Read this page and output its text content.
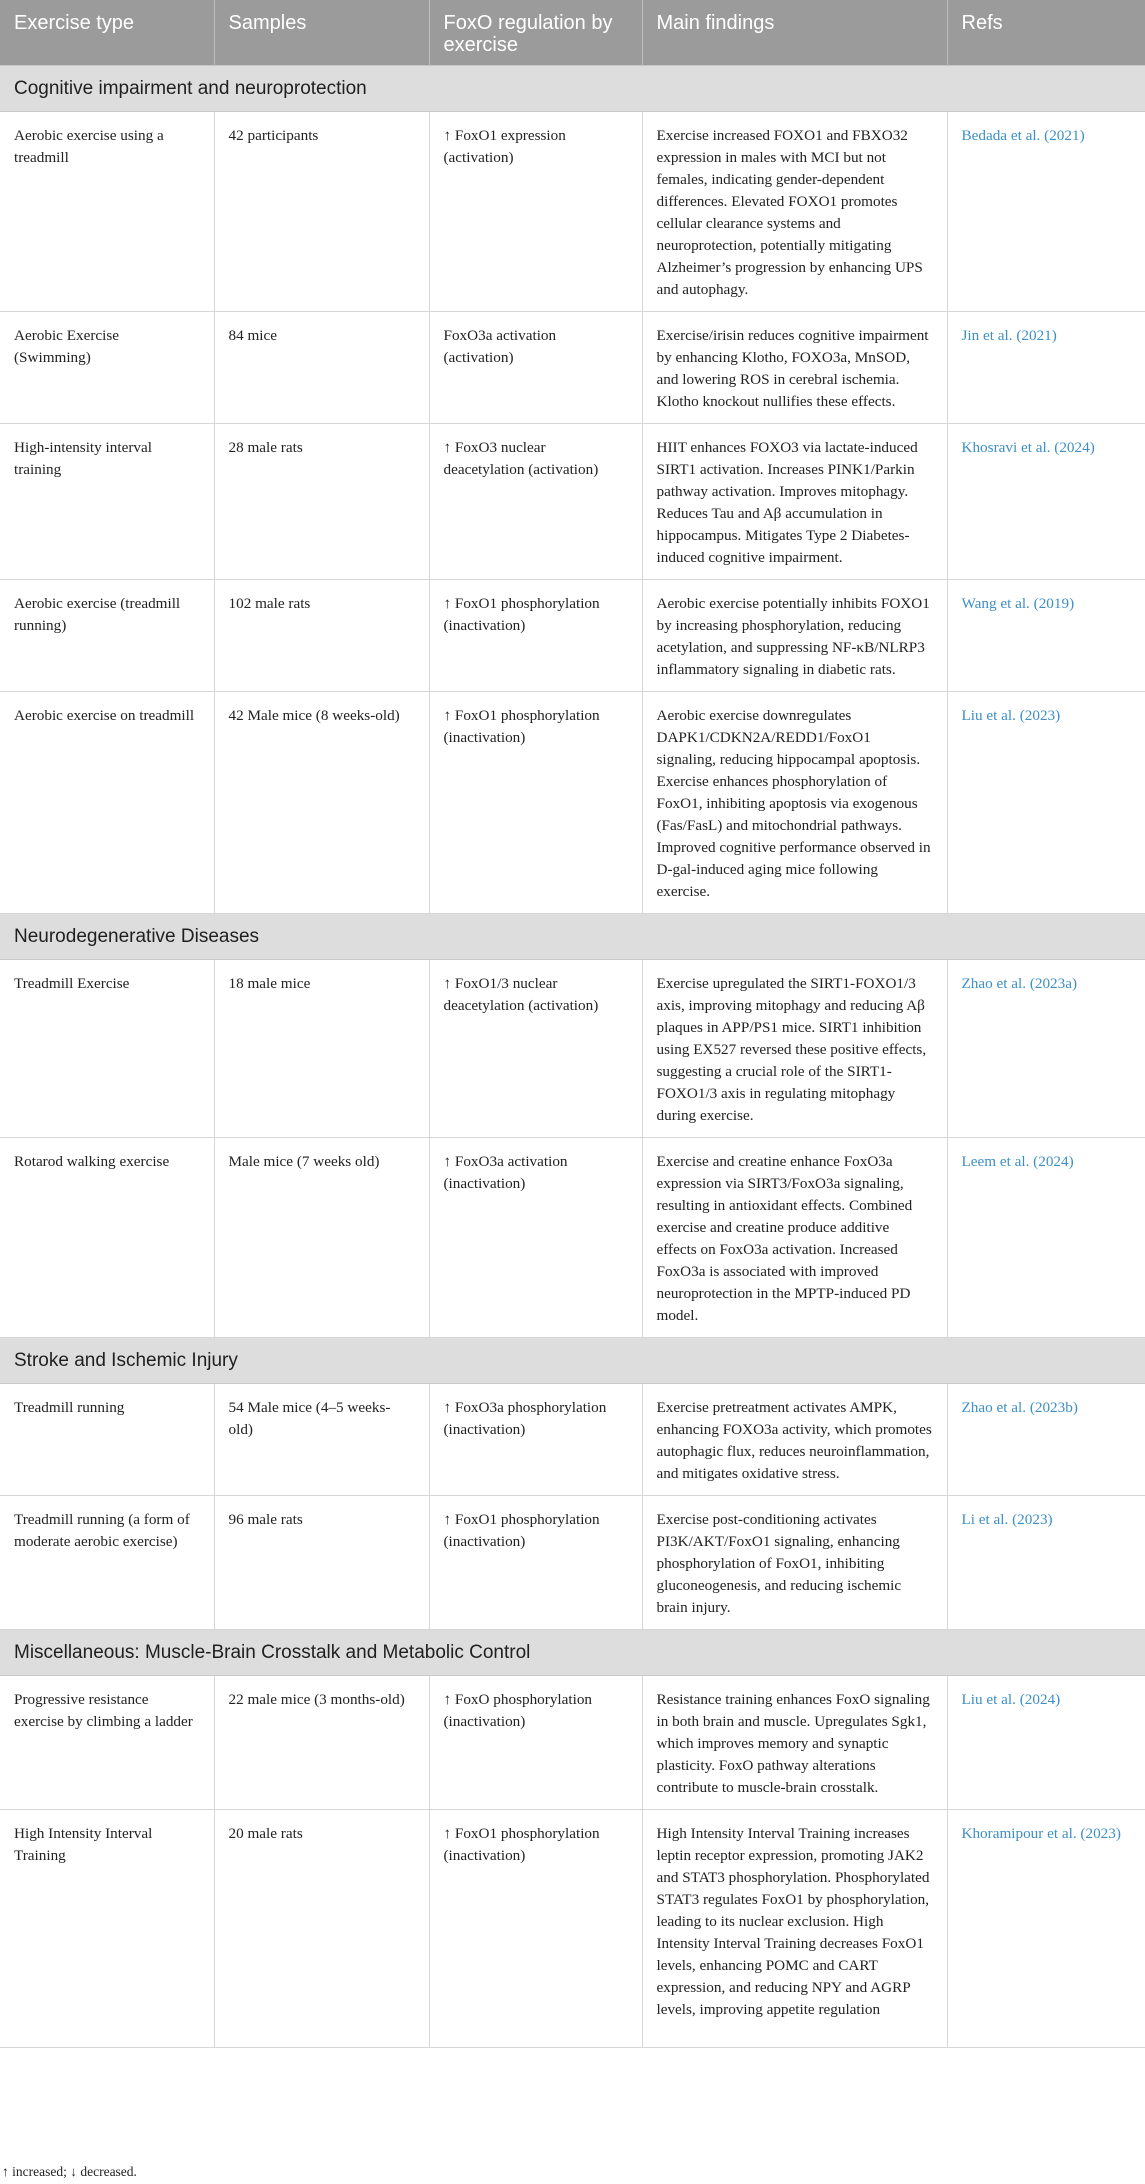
Exercise type	Samples	FoxO regulation by exercise	Main findings	Refs
Cognitive impairment and neuroprotection				
Aerobic exercise using a treadmill	42 participants	↑ FoxO1 expression (activation)	Exercise increased FOXO1 and FBXO32 expression in males with MCI but not females, indicating gender-dependent differences. Elevated FOXO1 promotes cellular clearance systems and neuroprotection, potentially mitigating Alzheimer’s progression by enhancing UPS and autophagy.	Bedada et al. (2021)
Aerobic Exercise (Swimming)	84 mice	FoxO3a activation (activation)	Exercise/irisin reduces cognitive impairment by enhancing Klotho, FOXO3a, MnSOD, and lowering ROS in cerebral ischemia. Klotho knockout nullifies these effects.	Jin et al. (2021)
High-intensity interval training	28 male rats	↑ FoxO3 nuclear deacetylation (activation)	HIIT enhances FOXO3 via lactate-induced SIRT1 activation. Increases PINK1/Parkin pathway activation. Improves mitophagy. Reduces Tau and Aβ accumulation in hippocampus. Mitigates Type 2 Diabetes-induced cognitive impairment.	Khosravi et al. (2024)
Aerobic exercise (treadmill running)	102 male rats	↑ FoxO1 phosphorylation (inactivation)	Aerobic exercise potentially inhibits FOXO1 by increasing phosphorylation, reducing acetylation, and suppressing NF-κB/NLRP3 inflammatory signaling in diabetic rats.	Wang et al. (2019)
Aerobic exercise on treadmill	42 Male mice (8 weeks-old)	↑ FoxO1 phosphorylation (inactivation)	Aerobic exercise downregulates DAPK1/CDKN2A/REDD1/FoxO1 signaling, reducing hippocampal apoptosis. Exercise enhances phosphorylation of FoxO1, inhibiting apoptosis via exogenous (Fas/FasL) and mitochondrial pathways. Improved cognitive performance observed in D-gal-induced aging mice following exercise.	Liu et al. (2023)
Neurodegenerative Diseases				
Treadmill Exercise	18 male mice	↑ FoxO1/3 nuclear deacetylation (activation)	Exercise upregulated the SIRT1-FOXO1/3 axis, improving mitophagy and reducing Aβ plaques in APP/PS1 mice. SIRT1 inhibition using EX527 reversed these positive effects, suggesting a crucial role of the SIRT1-FOXO1/3 axis in regulating mitophagy during exercise.	Zhao et al. (2023a)
Rotarod walking exercise	Male mice (7 weeks old)	↑ FoxO3a activation (inactivation)	Exercise and creatine enhance FoxO3a expression via SIRT3/FoxO3a signaling, resulting in antioxidant effects. Combined exercise and creatine produce additive effects on FoxO3a activation. Increased FoxO3a is associated with improved neuroprotection in the MPTP-induced PD model.	Leem et al. (2024)
Stroke and Ischemic Injury				
Treadmill running	54 Male mice (4–5 weeks-old)	↑ FoxO3a phosphorylation (inactivation)	Exercise pretreatment activates AMPK, enhancing FOXO3a activity, which promotes autophagic flux, reduces neuroinflammation, and mitigates oxidative stress.	Zhao et al. (2023b)
Treadmill running (a form of moderate aerobic exercise)	96 male rats	↑ FoxO1 phosphorylation (inactivation)	Exercise post-conditioning activates PI3K/AKT/FoxO1 signaling, enhancing phosphorylation of FoxO1, inhibiting gluconeogenesis, and reducing ischemic brain injury.	Li et al. (2023)
Miscellaneous: Muscle-Brain Crosstalk and Metabolic Control				
Progressive resistance exercise by climbing a ladder	22 male mice (3 months-old)	↑ FoxO phosphorylation (inactivation)	Resistance training enhances FoxO signaling in both brain and muscle. Upregulates Sgk1, which improves memory and synaptic plasticity. FoxO pathway alterations contribute to muscle-brain crosstalk.	Liu et al. (2024)
High Intensity Interval Training	20 male rats	↑ FoxO1 phosphorylation (inactivation)	High Intensity Interval Training increases leptin receptor expression, promoting JAK2 and STAT3 phosphorylation. Phosphorylated STAT3 regulates FoxO1 by phosphorylation, leading to its nuclear exclusion. High Intensity Interval Training decreases FoxO1 levels, enhancing POMC and CART expression, and reducing NPY and AGRP levels, improving appetite regulation	Khoramipour et al. (2023)
↑ increased; ↓ decreased.
